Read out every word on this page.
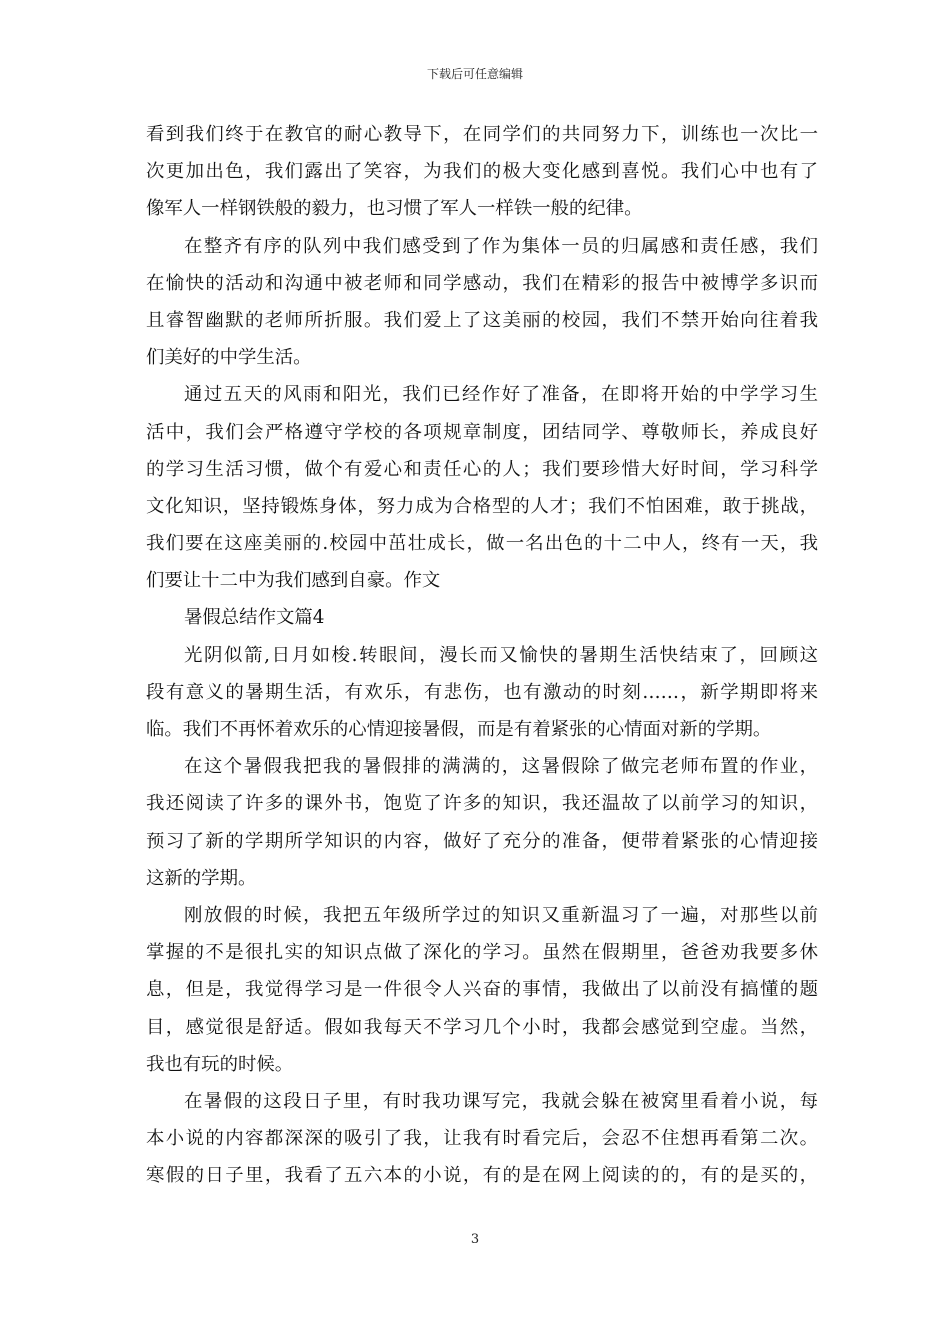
下载后可任意编辑
看到我们终于在教官的耐心教导下，在同学们的共同努力下，训练也一次比一
次更加出色，我们露出了笑容，为我们的极大变化感到喜悦。我们心中也有了
像军人一样钢铁般的毅力，也习惯了军人一样铁一般的纪律。
在整齐有序的队列中我们感受到了作为集体一员的归属感和责任感，我们
在愉快的活动和沟通中被老师和同学感动，我们在精彩的报告中被博学多识而
且睿智幽默的老师所折服。我们爱上了这美丽的校园，我们不禁开始向往着我
们美好的中学生活。
通过五天的风雨和阳光，我们已经作好了准备，在即将开始的中学学习生
活中，我们会严格遵守学校的各项规章制度，团结同学、尊敬师长，养成良好
的学习生活习惯，做个有爱心和责任心的人；我们要珍惜大好时间，学习科学
文化知识，坚持锻炼身体，努力成为合格型的人才；我们不怕困难，敢于挑战，
我们要在这座美丽的.校园中茁壮成长，做一名出色的十二中人，终有一天，我
们要让十二中为我们感到自豪。作文
暑假总结作文篇4
光阴似箭,日月如梭.转眼间，漫长而又愉快的暑期生活快结束了，回顾这
段有意义的暑期生活，有欢乐，有悲伤，也有激动的时刻……，新学期即将来
临。我们不再怀着欢乐的心情迎接暑假，而是有着紧张的心情面对新的学期。
在这个暑假我把我的暑假排的满满的，这暑假除了做完老师布置的作业，
我还阅读了许多的课外书，饱览了许多的知识，我还温故了以前学习的知识，
预习了新的学期所学知识的内容，做好了充分的准备，便带着紧张的心情迎接
这新的学期。
刚放假的时候，我把五年级所学过的知识又重新温习了一遍，对那些以前
掌握的不是很扎实的知识点做了深化的学习。虽然在假期里，爸爸劝我要多休
息，但是，我觉得学习是一件很令人兴奋的事情，我做出了以前没有搞懂的题
目，感觉很是舒适。假如我每天不学习几个小时，我都会感觉到空虚。当然，
我也有玩的时候。
在暑假的这段日子里，有时我功课写完，我就会躲在被窝里看着小说，每
本小说的内容都深深的吸引了我，让我有时看完后，会忍不住想再看第二次。
寒假的日子里，我看了五六本的小说，有的是在网上阅读的的，有的是买的，
3
